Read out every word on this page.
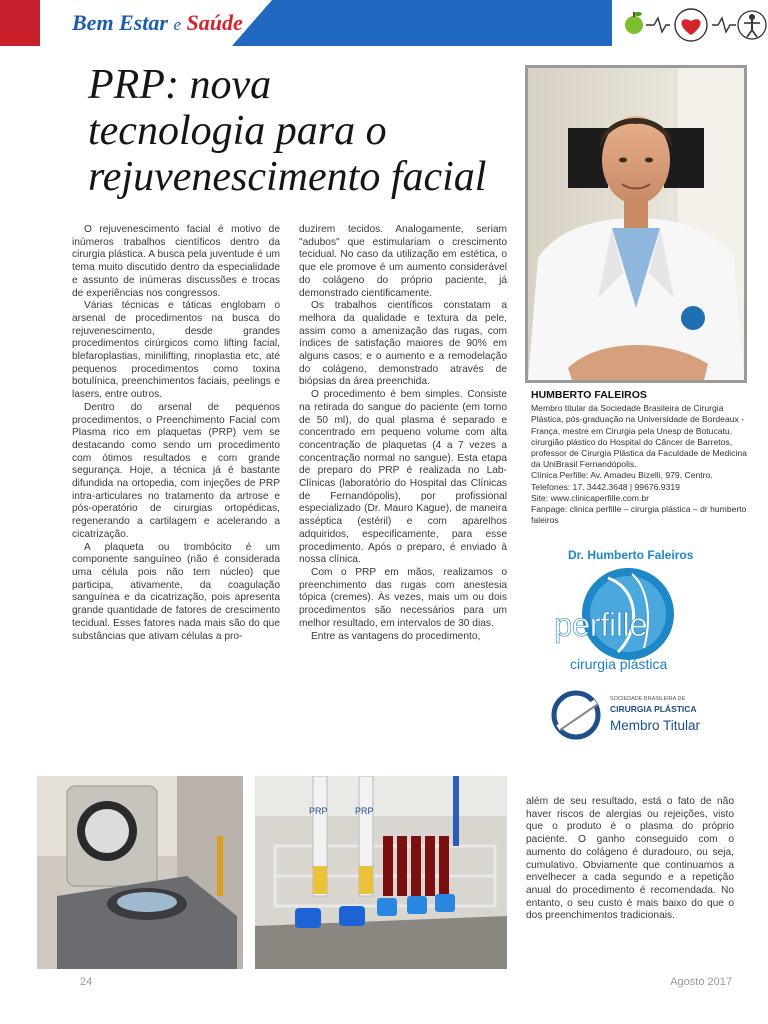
Bem Estar e Saúde
PRP: nova
tecnologia para o
rejuvenescimento facial
HUMBERTO FALEIROS

Membro titular da Sociedade Brasileira de Cirurgia Plástica, pós-graduação na Universidade de Bordeaux - França, mestre em Cirurgia pela Unesp de Botucatu, cirurgião plástico do Hospital do Câncer de Barretos, professor de Cirurgia Plástica da Faculdade de Medicina da UniBrasil Fernandópolis.

Clínica Perfille: Av. Amadeu Bizelli, 979, Centro.

Telefones: 17. 3442.3648 | 99676.9319

Site: www.clinicaperfille.com.br

Fanpage: clinica perfille – cirurgia plástica – dr humberto faleiros

Dr. Humberto Faleiros
perfille
cirurgia plástica
SOCIEDADE BRASILEIRA DE
CIRURGIA PLÁSTICA
Membro Titular

O rejuvenescimento facial é motivo de inúmeros trabalhos científicos dentro da cirurgia plástica. A busca pela juventude é um tema muito discutido dentro da especialidade e assunto de inúmeras discussões e trocas de experiências nos congressos.

Várias técnicas e táticas englobam o arsenal de procedimentos na busca do rejuvenescimento, desde grandes procedimentos cirúrgicos como lifting facial, blefaroplastias, minilifting, rinoplastia etc, até pequenos procedimentos como toxina botulínica, preenchimentos faciais, peelings e lasers, entre outros.

Dentro do arsenal de pequenos procedimentos, o Preenchimento Facial com Plasma rico em plaquetas (PRP) vem se destacando como sendo um procedimento com ótimos resultados e com grande segurança. Hoje, a técnica já é bastante difundida na ortopedia, com injeções de PRP intra-articulares no tratamento da artrose e pós-operatório de cirurgias ortopédicas, regenerando a cartilagem e acelerando a cicatrização.

A plaqueta ou trombócito é um componente sanguíneo (não é considerada uma célula pois não tem núcleo) que participa, ativamente, da coagulação sanguínea e da cicatrização, pois apresenta grande quantidade de fatores de crescimento tecidual. Esses fatores nada mais são do que substâncias que ativam células a pro-

duzirem tecidos. Analogamente, seriam "adubos" que estimulariam o crescimento tecidual. No caso da utilização em estética, o que ele promove é um aumento considerável do colágeno do próprio paciente, já demonstrado cientificamente.

Os trabalhos científicos constatam a melhora da qualidade e textura da pele, assim como a amenização das rugas, com índices de satisfação maiores de 90% em alguns casos; e o aumento e a remodelação do colágeno, demonstrado através de biópsias da área preenchida.

O procedimento é bem simples. Consiste na retirada do sangue do paciente (em torno de 50 ml), do qual plasma é separado e concentrado em pequeno volume com alta concentração de plaquetas (4 a 7 vezes a concentração normal no sangue). Esta etapa de preparo do PRP é realizada no Lab-Clínicas (laboratório do Hospital das Clínicas de Fernandópolis), por profissional especializado (Dr. Mauro Kague), de maneira asséptica (estéril) e com aparelhos adquiridos, especificamente, para esse procedimento. Após o preparo, é enviado à nossa clínica.

Com o PRP em mãos, realizamos o preenchimento das rugas com anestesia tópica (cremes). Às vezes, mais um ou dois procedimentos são necessários para um melhor resultado, em intervalos de 30 dias.

Entre as vantagens do procedimento,

além de seu resultado, está o fato de não haver riscos de alergias ou rejeições, visto que o produto é o plasma do próprio paciente. O ganho conseguido com o aumento do colágeno é duradouro, ou seja, cumulativo. Obviamente que continuamos a envelhecer a cada segundo e a repetição anual do procedimento é recomendada. No entanto, o seu custo é mais baixo do que o dos preenchimentos tradicionais.

PRP	PRP
24	Agosto 2017
